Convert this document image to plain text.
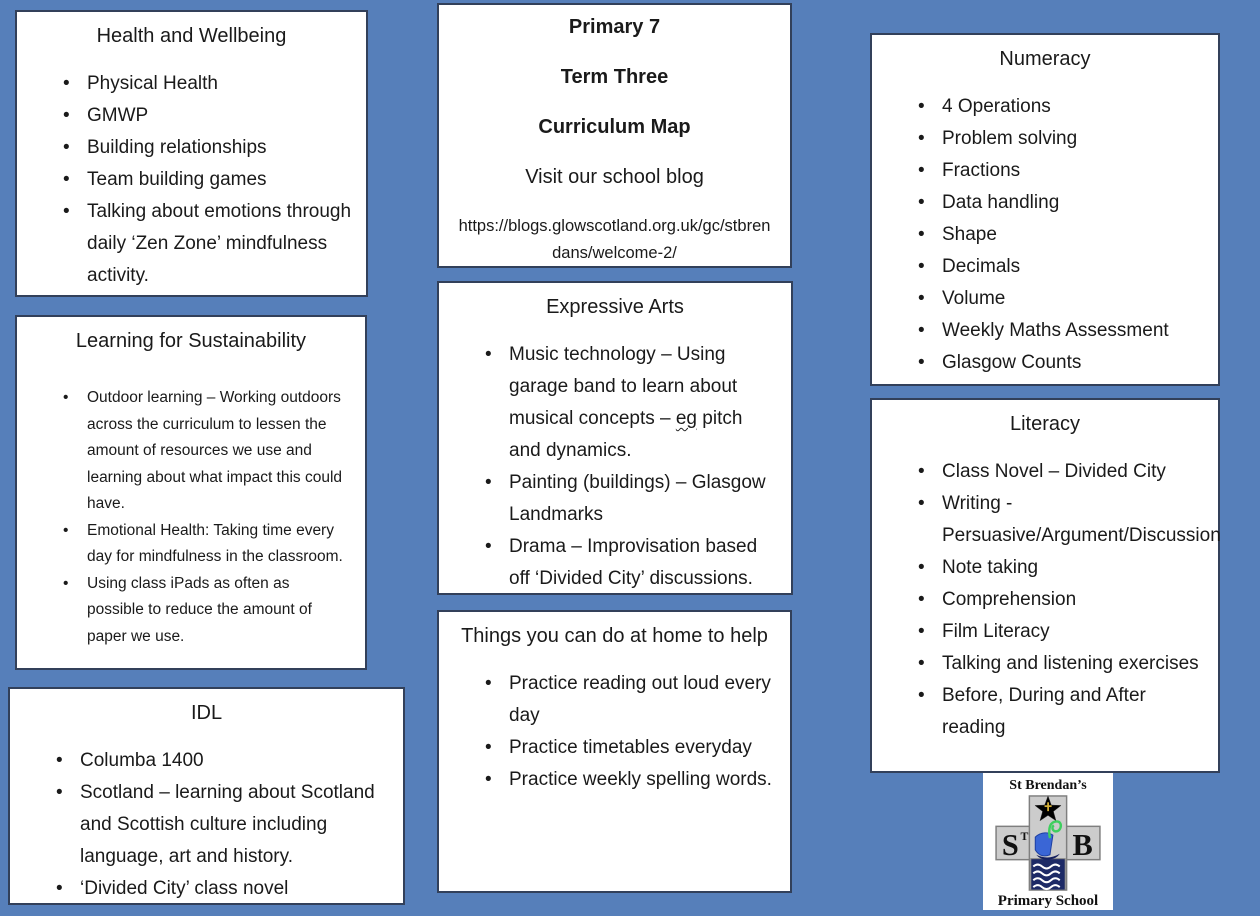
Health and Wellbeing
• Physical Health
• GMWP
• Building relationships
• Team building games
• Talking about emotions through daily ‘Zen Zone’ mindfulness activity.
Learning for Sustainability
• Outdoor learning – Working outdoors across the curriculum to lessen the amount of resources we use and learning about what impact this could have.
• Emotional Health: Taking time every day for mindfulness in the classroom.
• Using class iPads as often as possible to reduce the amount of paper we use.
IDL
• Columba 1400
• Scotland – learning about Scotland and Scottish culture including language, art and history.
• ‘Divided City’ class novel

Primary 7

Term Three

Curriculum Map

Visit our school blog

https://blogs.glowscotland.org.uk/gc/stbrendans/welcome-2/

Expressive Arts
• Music technology – Using garage band to learn about musical concepts – eg pitch and dynamics.
• Painting (buildings) – Glasgow Landmarks
• Drama – Improvisation based off ‘Divided City’ discussions.
Things you can do at home to help
• Practice reading out loud every day
• Practice timetables everyday
• Practice weekly spelling words.
Numeracy
• 4 Operations
• Problem solving
• Fractions
• Data handling
• Shape
• Decimals
• Volume
• Weekly Maths Assessment
• Glasgow Counts
Literacy
• Class Novel – Divided City
• Writing - Persuasive/Argument/Discussion
• Note taking
• Comprehension
• Film Literacy
• Talking and listening exercises
• Before, During and After reading
St Brendan’s
S T B
Primary School
